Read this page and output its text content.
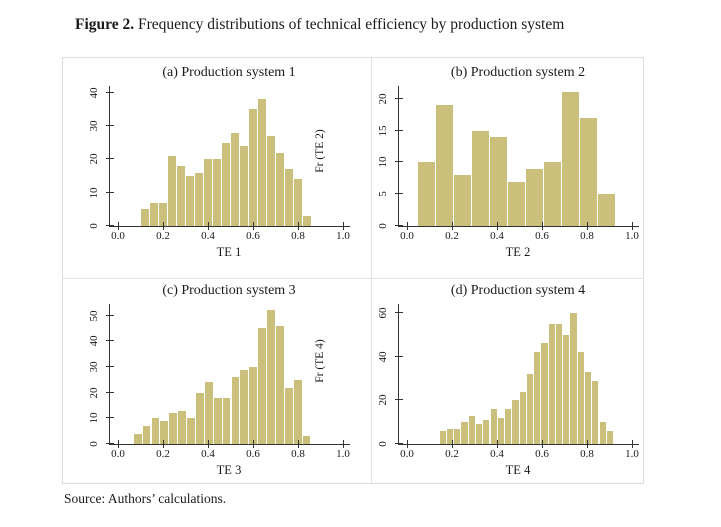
Figure 2. Frequency distributions of technical efficiency by production system
(a) Production system 1
0.0	0.2	0.4	0.6	0.8	1.0
0
10
20
30
40
TE 1
Fr (TE 2)
(b) Production system 2
0.0	0.2	0.4	0.6	0.8	1.0
0
5
10
15
20
TE 2
(c) Production system 3
0.0	0.2	0.4	0.6	0.8	1.0
0
10
20
30
40
50
TE 3
Fr (TE 4)
(d) Production system 4
0.0	0.2	0.4	0.6	0.8	1.0
0
20
40
60
TE 4
Source: Authors’ calculations.
